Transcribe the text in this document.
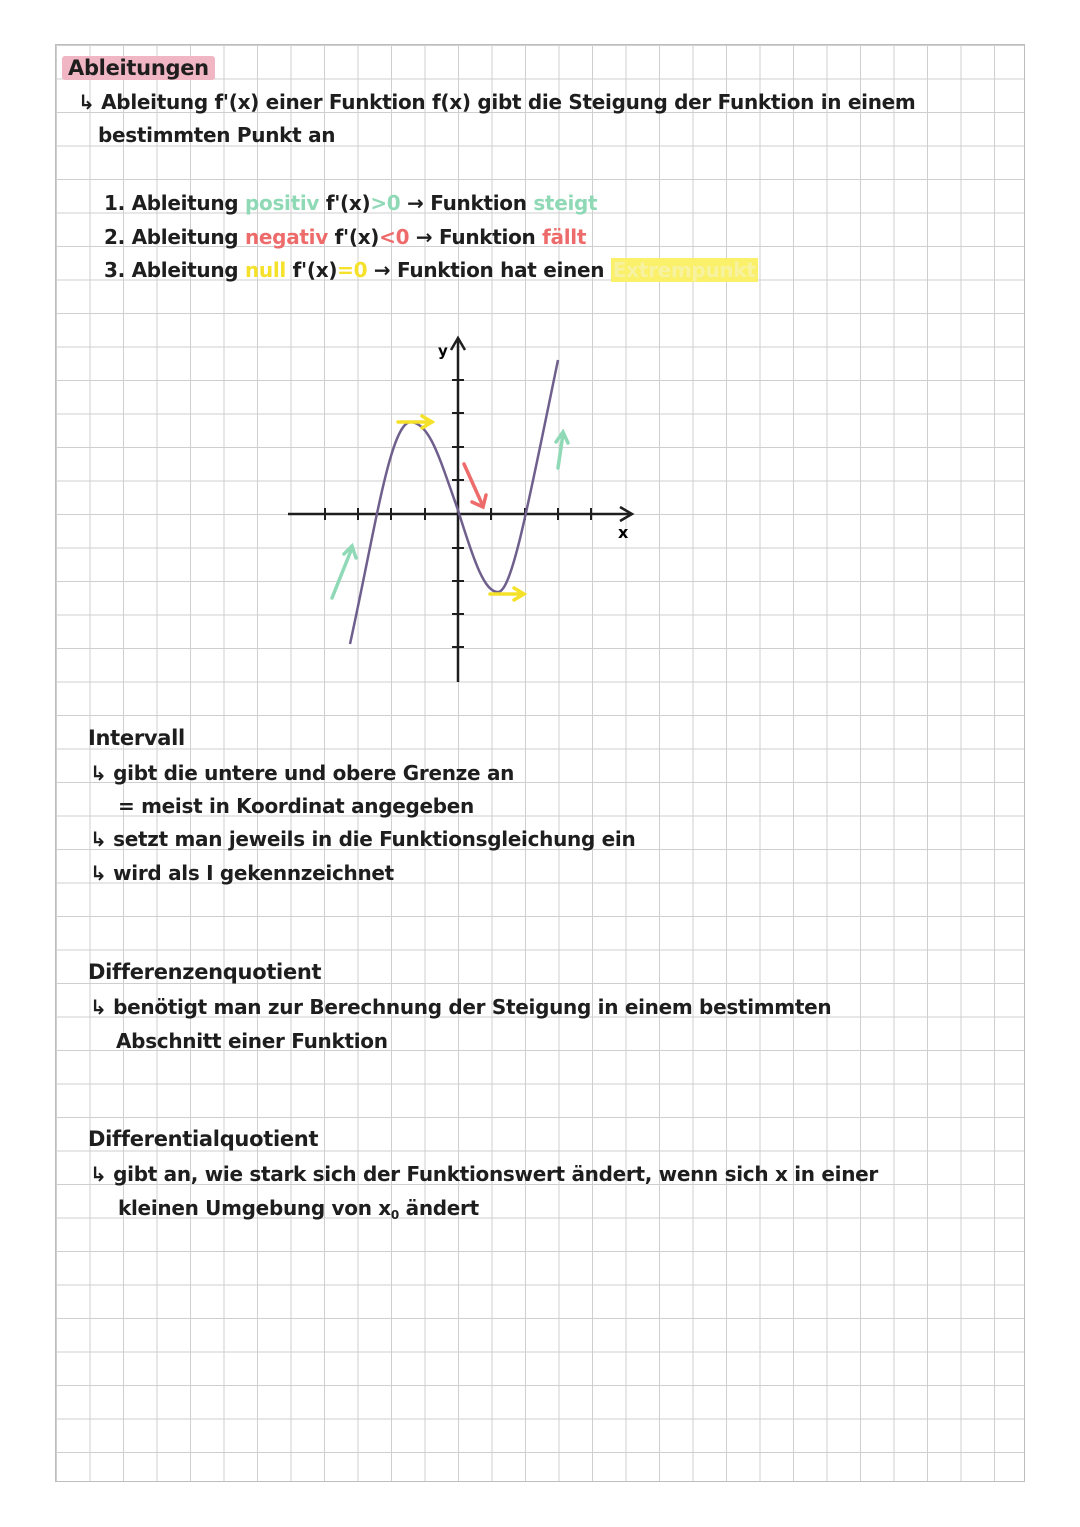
Ableitungen
↳ Ableitung f'(x) einer Funktion f(x) gibt die Steigung der Funktion in einem
bestimmten Punkt an
1. Ableitung positiv f'(x)>0 → Funktion steigt
2. Ableitung negativ f'(x)<0 → Funktion fällt
3. Ableitung null f'(x)=0 → Funktion hat einen Extrempunkt
y
x
Intervall
↳ gibt die untere und obere Grenze an
= meist in Koordinat angegeben
↳ setzt man jeweils in die Funktionsgleichung ein
↳ wird als I gekennzeichnet
Differenzenquotient
↳ benötigt man zur Berechnung der Steigung in einem bestimmten
Abschnitt einer Funktion
Differentialquotient
↳ gibt an, wie stark sich der Funktionswert ändert, wenn sich x in einer
kleinen Umgebung von $x_0$ ändert
